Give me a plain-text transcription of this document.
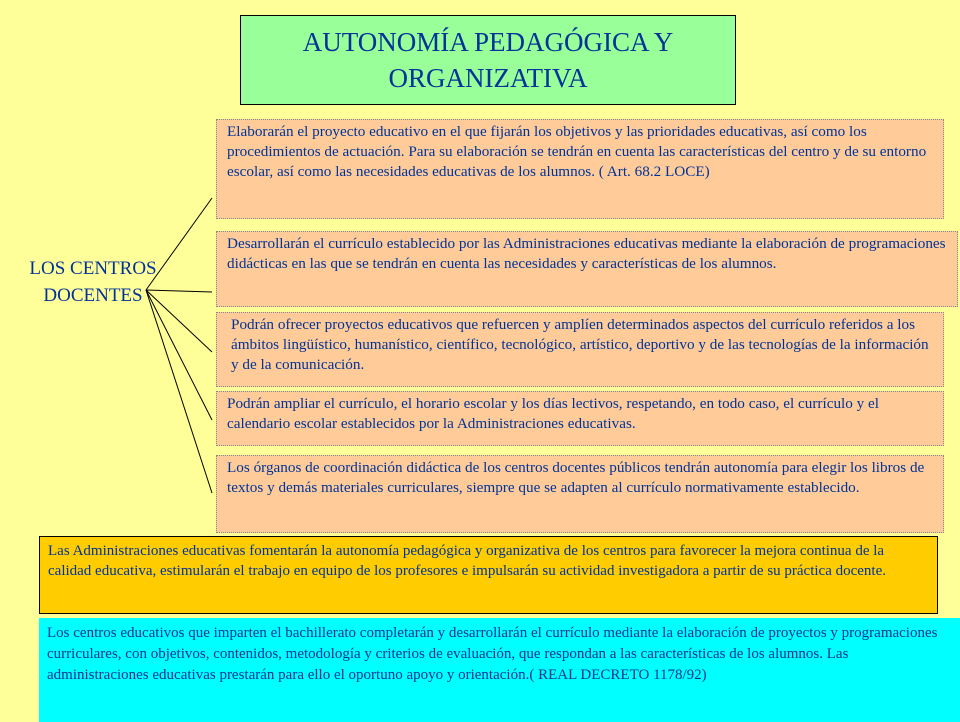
AUTONOMÍA PEDAGÓGICA Y ORGANIZATIVA
LOS CENTROS DOCENTES
Elaborarán el proyecto educativo en el que fijarán los objetivos y las prioridades educativas, así como los procedimientos de actuación. Para su elaboración se tendrán en cuenta las características del centro y de su entorno escolar, así como las necesidades educativas de los alumnos. ( Art. 68.2 LOCE)
Desarrollarán el currículo establecido por las Administraciones educativas mediante la elaboración de programaciones didácticas en las que se tendrán en cuenta las necesidades y características de los alumnos.
Podrán ofrecer proyectos educativos que refuercen y amplíen determinados aspectos del currículo referidos a los ámbitos lingüístico, humanístico, científico, tecnológico, artístico, deportivo y de las tecnologías de la información y de la comunicación.
Podrán ampliar el currículo, el horario escolar y los días lectivos, respetando, en todo caso, el currículo y el calendario escolar establecidos por la Administraciones educativas.
Los órganos de coordinación didáctica de los centros docentes públicos tendrán autonomía para elegir los libros de textos y demás materiales curriculares, siempre que se adapten al currículo normativamente establecido.
Las Administraciones educativas fomentarán la autonomía pedagógica y organizativa de los centros para favorecer la mejora continua de la calidad educativa, estimularán el trabajo en equipo de los profesores e impulsarán su actividad investigadora a partir de su práctica docente.
Los centros educativos que imparten el bachillerato completarán y desarrollarán el currículo mediante la elaboración de proyectos y programaciones curriculares, con objetivos, contenidos, metodología y criterios de evaluación, que respondan a las características de los alumnos. Las administraciones educativas prestarán para ello el oportuno apoyo y orientación.( REAL DECRETO 1178/92)
